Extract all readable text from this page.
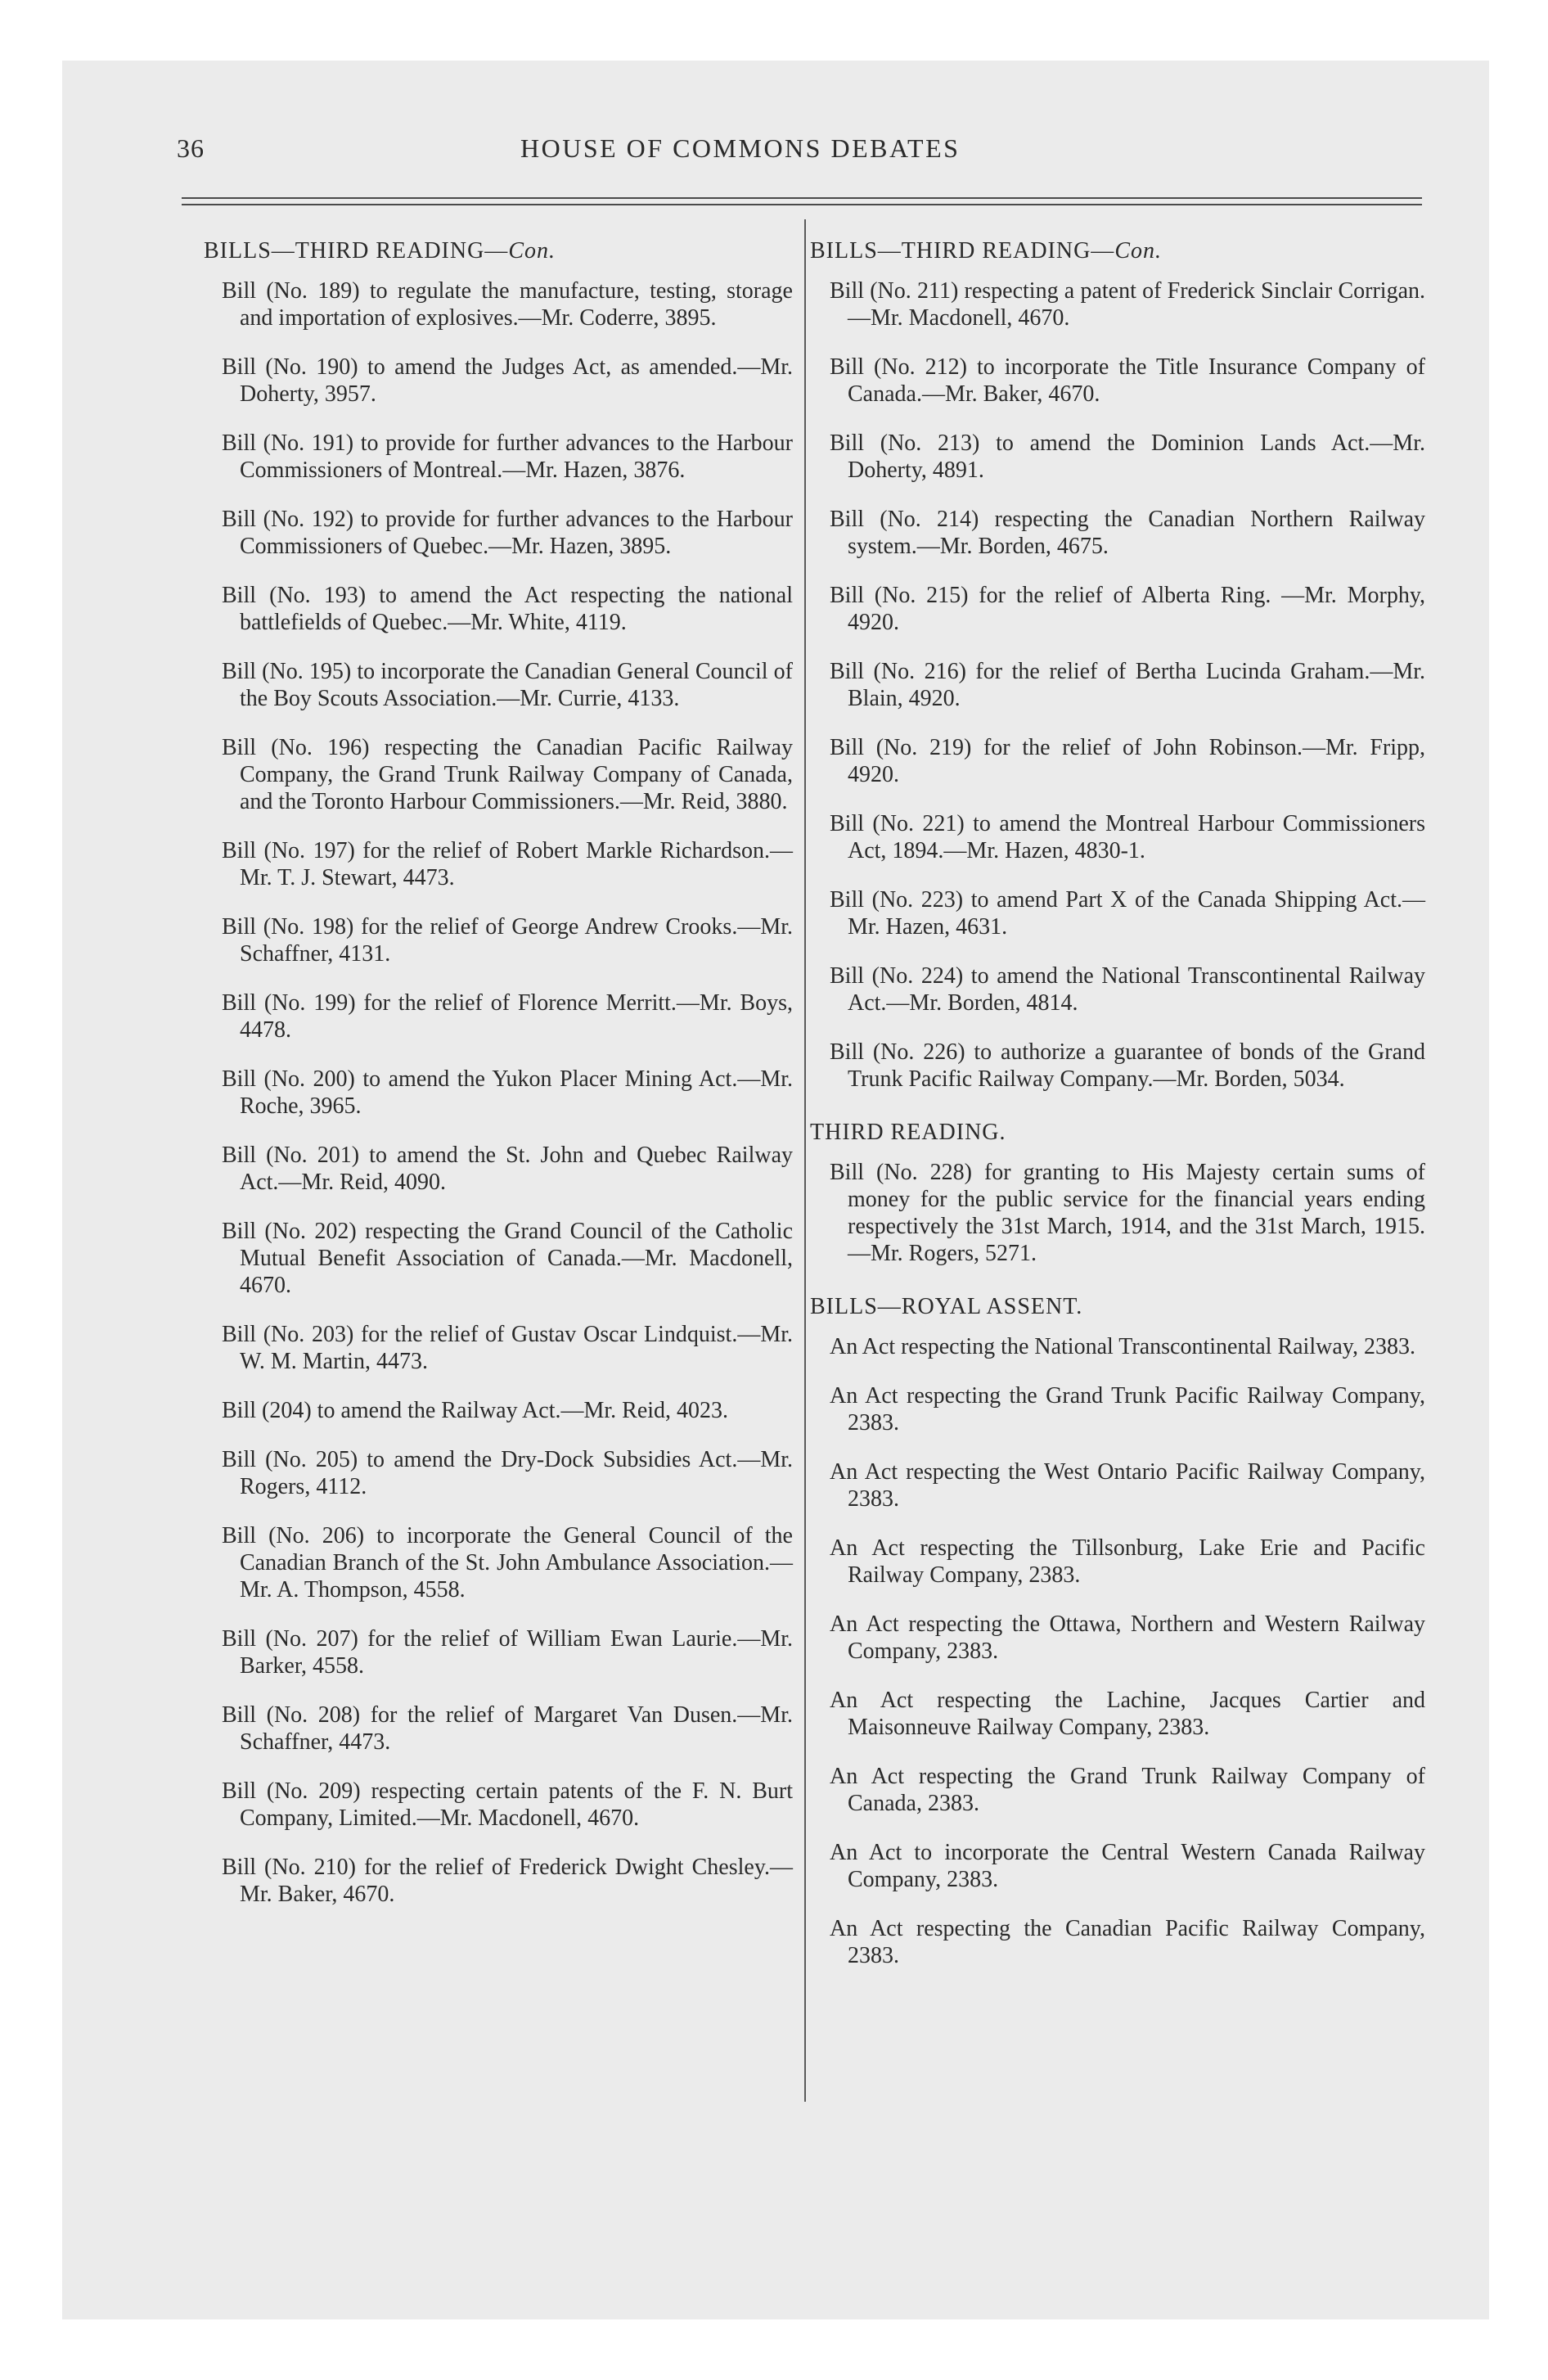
36	HOUSE OF COMMONS DEBATES
BILLS—THIRD READING—Con.

Bill (No. 189) to regulate the manufacture, testing, storage and importation of explosives.—Mr. Coderre, 3895.

Bill (No. 190) to amend the Judges Act, as amended.—Mr. Doherty, 3957.

Bill (No. 191) to provide for further advances to the Harbour Commissioners of Montreal.—Mr. Hazen, 3876.

Bill (No. 192) to provide for further advances to the Harbour Commissioners of Quebec.—Mr. Hazen, 3895.

Bill (No. 193) to amend the Act respecting the national battlefields of Quebec.—Mr. White, 4119.

Bill (No. 195) to incorporate the Canadian General Council of the Boy Scouts Association.—Mr. Currie, 4133.

Bill (No. 196) respecting the Canadian Pacific Railway Company, the Grand Trunk Railway Company of Canada, and the Toronto Harbour Commissioners.—Mr. Reid, 3880.

Bill (No. 197) for the relief of Robert Markle Richardson.—Mr. T. J. Stewart, 4473.

Bill (No. 198) for the relief of George Andrew Crooks.—Mr. Schaffner, 4131.

Bill (No. 199) for the relief of Florence Merritt.—Mr. Boys, 4478.

Bill (No. 200) to amend the Yukon Placer Mining Act.—Mr. Roche, 3965.

Bill (No. 201) to amend the St. John and Quebec Railway Act.—Mr. Reid, 4090.

Bill (No. 202) respecting the Grand Council of the Catholic Mutual Benefit Association of Canada.—Mr. Macdonell, 4670.

Bill (No. 203) for the relief of Gustav Oscar Lindquist.—Mr. W. M. Martin, 4473.

Bill (204) to amend the Railway Act.—Mr. Reid, 4023.

Bill (No. 205) to amend the Dry-Dock Subsidies Act.—Mr. Rogers, 4112.

Bill (No. 206) to incorporate the General Council of the Canadian Branch of the St. John Ambulance Association.—Mr. A. Thompson, 4558.

Bill (No. 207) for the relief of William Ewan Laurie.—Mr. Barker, 4558.

Bill (No. 208) for the relief of Margaret Van Dusen.—Mr. Schaffner, 4473.

Bill (No. 209) respecting certain patents of the F. N. Burt Company, Limited.—Mr. Macdonell, 4670.

Bill (No. 210) for the relief of Frederick Dwight Chesley.—Mr. Baker, 4670.

BILLS—THIRD READING—Con.

Bill (No. 211) respecting a patent of Frederick Sinclair Corrigan.—Mr. Macdonell, 4670.

Bill (No. 212) to incorporate the Title Insurance Company of Canada.—Mr. Baker, 4670.

Bill (No. 213) to amend the Dominion Lands Act.—Mr. Doherty, 4891.

Bill (No. 214) respecting the Canadian Northern Railway system.—Mr. Borden, 4675.

Bill (No. 215) for the relief of Alberta Ring. —Mr. Morphy, 4920.

Bill (No. 216) for the relief of Bertha Lucinda Graham.—Mr. Blain, 4920.

Bill (No. 219) for the relief of John Robinson.—Mr. Fripp, 4920.

Bill (No. 221) to amend the Montreal Harbour Commissioners Act, 1894.—Mr. Hazen, 4830-1.

Bill (No. 223) to amend Part X of the Canada Shipping Act.—Mr. Hazen, 4631.

Bill (No. 224) to amend the National Transcontinental Railway Act.—Mr. Borden, 4814.

Bill (No. 226) to authorize a guarantee of bonds of the Grand Trunk Pacific Railway Company.—Mr. Borden, 5034.

THIRD READING.

Bill (No. 228) for granting to His Majesty certain sums of money for the public service for the financial years ending respectively the 31st March, 1914, and the 31st March, 1915.—Mr. Rogers, 5271.

BILLS—ROYAL ASSENT.

An Act respecting the National Transcontinental Railway, 2383.

An Act respecting the Grand Trunk Pacific Railway Company, 2383.

An Act respecting the West Ontario Pacific Railway Company, 2383.

An Act respecting the Tillsonburg, Lake Erie and Pacific Railway Company, 2383.

An Act respecting the Ottawa, Northern and Western Railway Company, 2383.

An Act respecting the Lachine, Jacques Cartier and Maisonneuve Railway Company, 2383.

An Act respecting the Grand Trunk Railway Company of Canada, 2383.

An Act to incorporate the Central Western Canada Railway Company, 2383.

An Act respecting the Canadian Pacific Railway Company, 2383.
